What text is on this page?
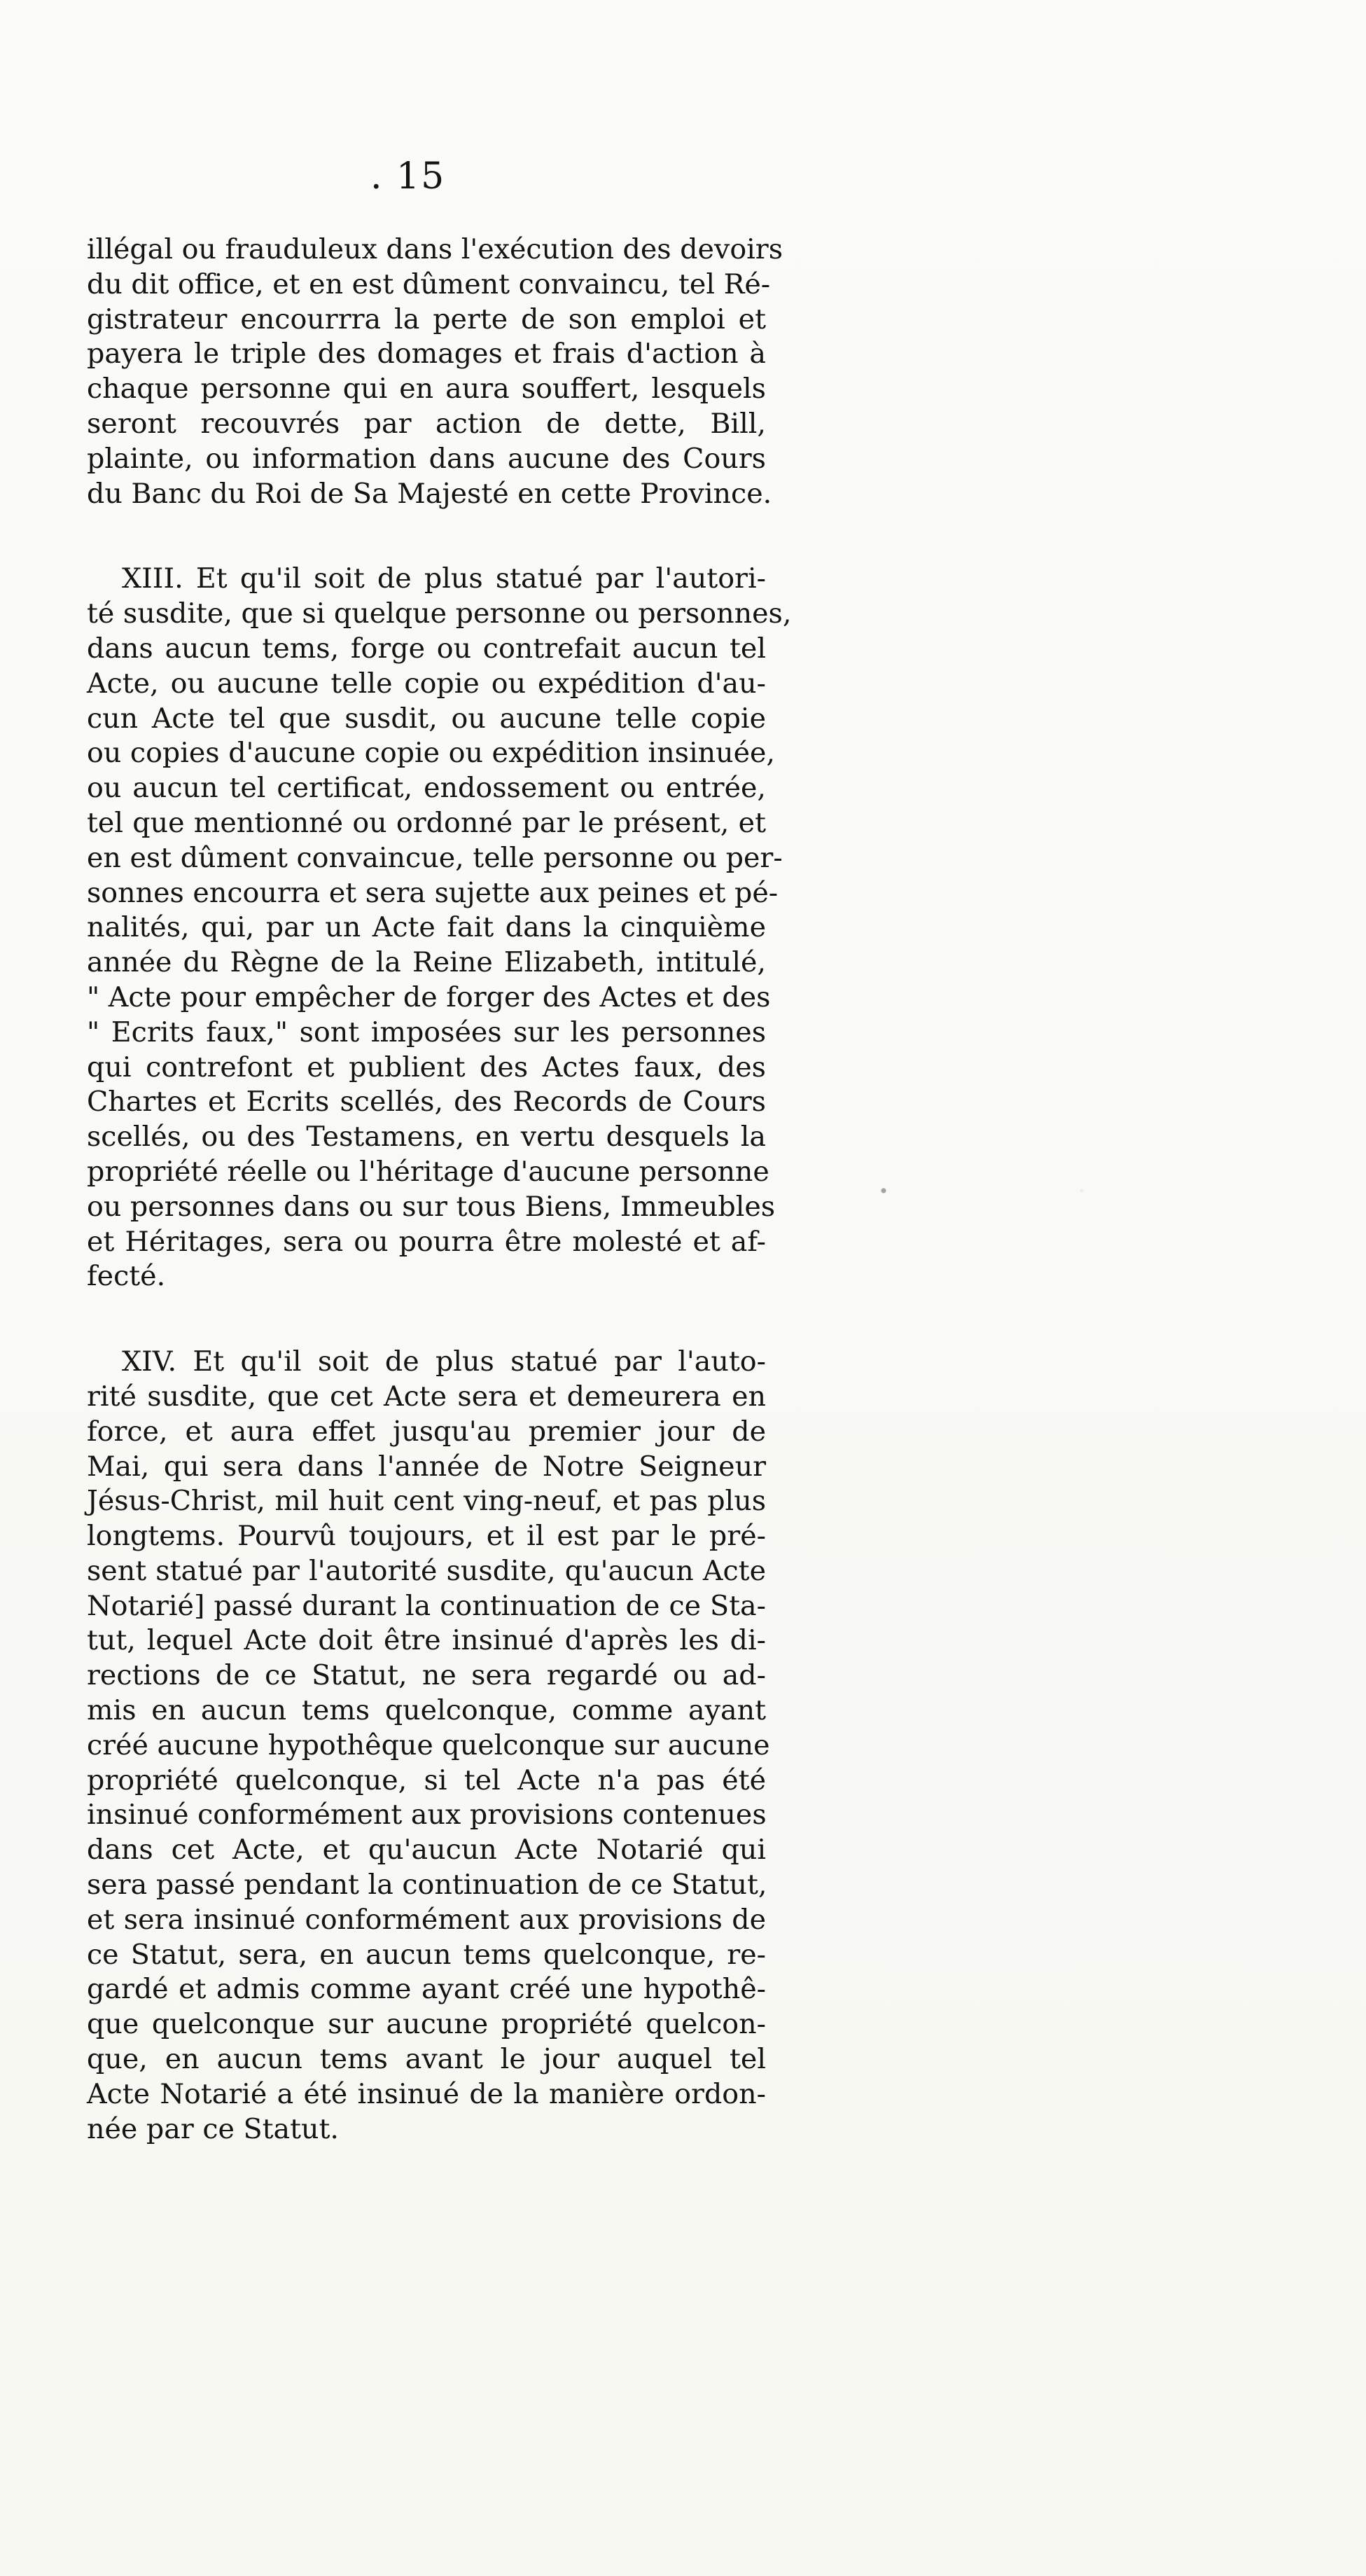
. 15

illégal ou frauduleux dans l'exécution des devoirs
du dit office, et en est dûment convaincu, tel Ré-
gistrateur encourrra la perte de son emploi et
payera le triple des domages et frais d'action à
chaque personne qui en aura souffert, lesquels
seront recouvrés par action de dette, Bill,
plainte, ou information dans aucune des Cours
du Banc du Roi de Sa Majesté en cette Province.

XIII. Et qu'il soit de plus statué par l'autori-
té susdite, que si quelque personne ou personnes,
dans aucun tems, forge ou contrefait aucun tel
Acte, ou aucune telle copie ou expédition d'au-
cun Acte tel que susdit, ou aucune telle copie
ou copies d'aucune copie ou expédition insinuée,
ou aucun tel certificat, endossement ou entrée,
tel que mentionné ou ordonné par le présent, et
en est dûment convaincue, telle personne ou per-
sonnes encourra et sera sujette aux peines et pé-
nalités, qui, par un Acte fait dans la cinquième
année du Règne de la Reine Elizabeth, intitulé,
" Acte pour empêcher de forger des Actes et des
" Ecrits faux," sont imposées sur les personnes
qui contrefont et publient des Actes faux, des
Chartes et Ecrits scellés, des Records de Cours
scellés, ou des Testamens, en vertu desquels la
propriété réelle ou l'héritage d'aucune personne
ou personnes dans ou sur tous Biens, Immeubles
et Héritages, sera ou pourra être molesté et af-
fecté.

XIV. Et qu'il soit de plus statué par l'auto-
rité susdite, que cet Acte sera et demeurera en
force, et aura effet jusqu'au premier jour de
Mai, qui sera dans l'année de Notre Seigneur
Jésus-Christ, mil huit cent ving-neuf, et pas plus
longtems. Pourvû toujours, et il est par le pré-
sent statué par l'autorité susdite, qu'aucun Acte
Notarié] passé durant la continuation de ce Sta-
tut, lequel Acte doit être insinué d'après les di-
rections de ce Statut, ne sera regardé ou ad-
mis en aucun tems quelconque, comme ayant
créé aucune hypothêque quelconque sur aucune
propriété quelconque, si tel Acte n'a pas été
insinué conformément aux provisions contenues
dans cet Acte, et qu'aucun Acte Notarié qui
sera passé pendant la continuation de ce Statut,
et sera insinué conformément aux provisions de
ce Statut, sera, en aucun tems quelconque, re-
gardé et admis comme ayant créé une hypothê-
que quelconque sur aucune propriété quelcon-
que, en aucun tems avant le jour auquel tel
Acte Notarié a été insinué de la manière ordon-
née par ce Statut.
